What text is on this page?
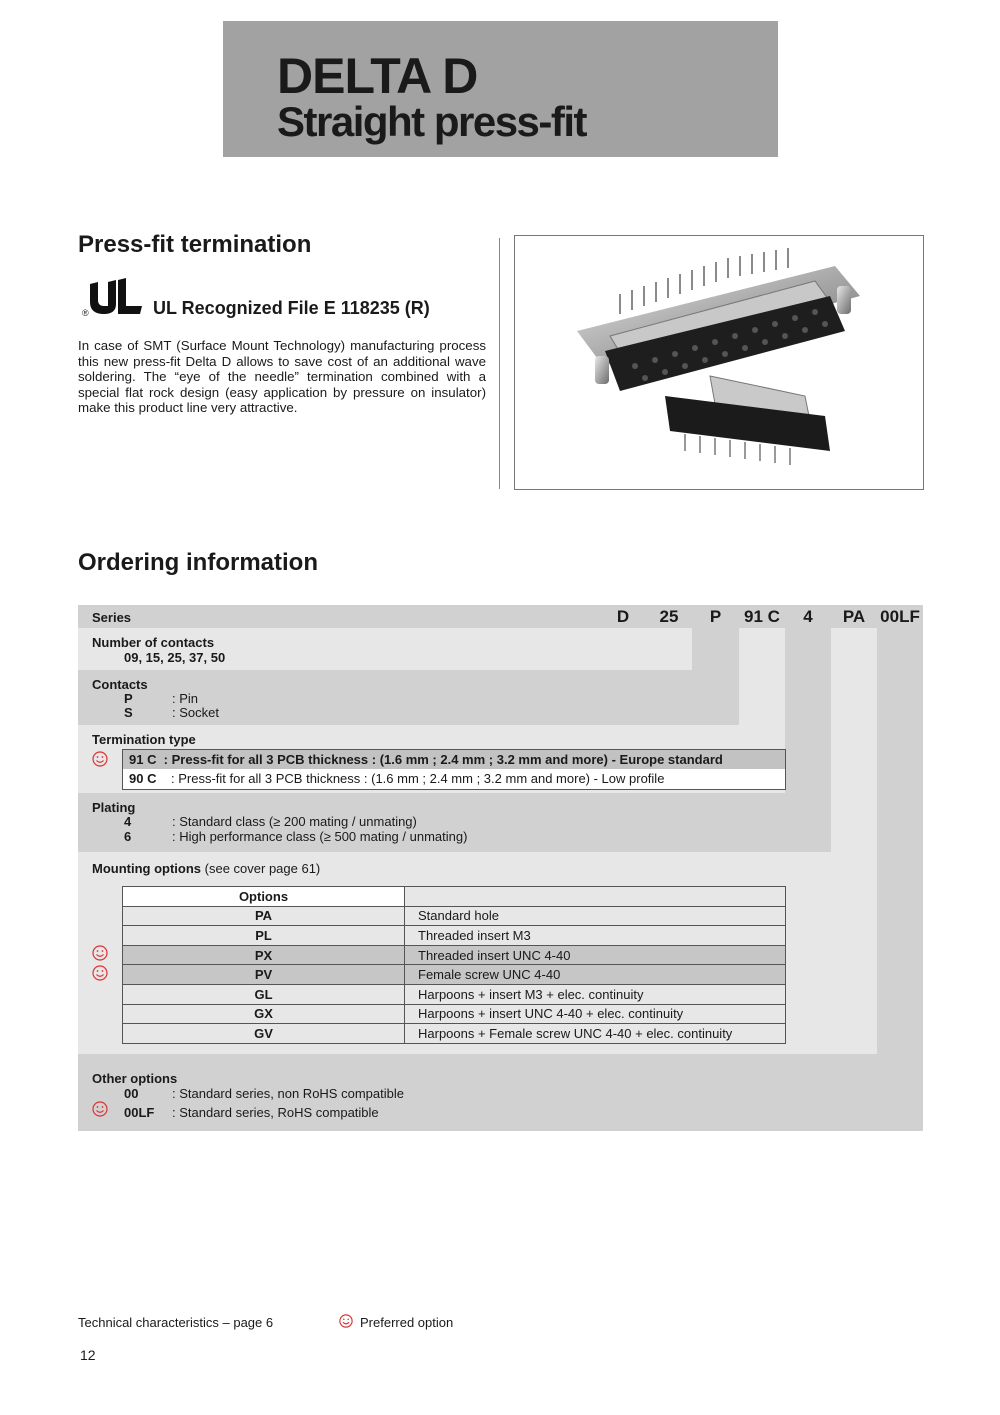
DELTA D
Straight press-fit
Press-fit termination
®	UL Recognized File E 118235 (R)
In case of SMT (Surface Mount Technology) manufacturing process this new press-fit Delta D allows to save cost of an additional wave soldering. The “eye of the needle” termination combined with a special flat rock design (easy application by pressure on insulator) make this product line very attractive.
Ordering information
Series	D	25	P	91 C	4	PA 00LF
Number of contacts
09, 15, 25, 37, 50
Contacts
P	: Pin
S	: Socket
Termination type
91 C  : Press-fit for all 3 PCB thickness : (1.6 mm ; 2.4 mm ; 3.2 mm and more) - Europe standard
90 C : Press-fit for all 3 PCB thickness : (1.6 mm ; 2.4 mm ; 3.2 mm and more) - Low profile
Plating
4	: Standard class (≥ 200 mating / unmating)
6	: High performance class (≥ 500 mating / unmating)
Mounting options (see cover page 61)
Options	
PA	Standard hole
PL	Threaded insert M3
PX	Threaded insert UNC 4-40
PV	Female screw UNC 4-40
GL	Harpoons + insert M3 + elec. continuity
GX	Harpoons + insert UNC 4-40 + elec. continuity
GV	Harpoons + Female screw UNC 4-40 + elec. continuity
Other options
00	: Standard series, non RoHS compatible
00LF : Standard series, RoHS compatible
Technical characteristics – page 6	Preferred option
12
